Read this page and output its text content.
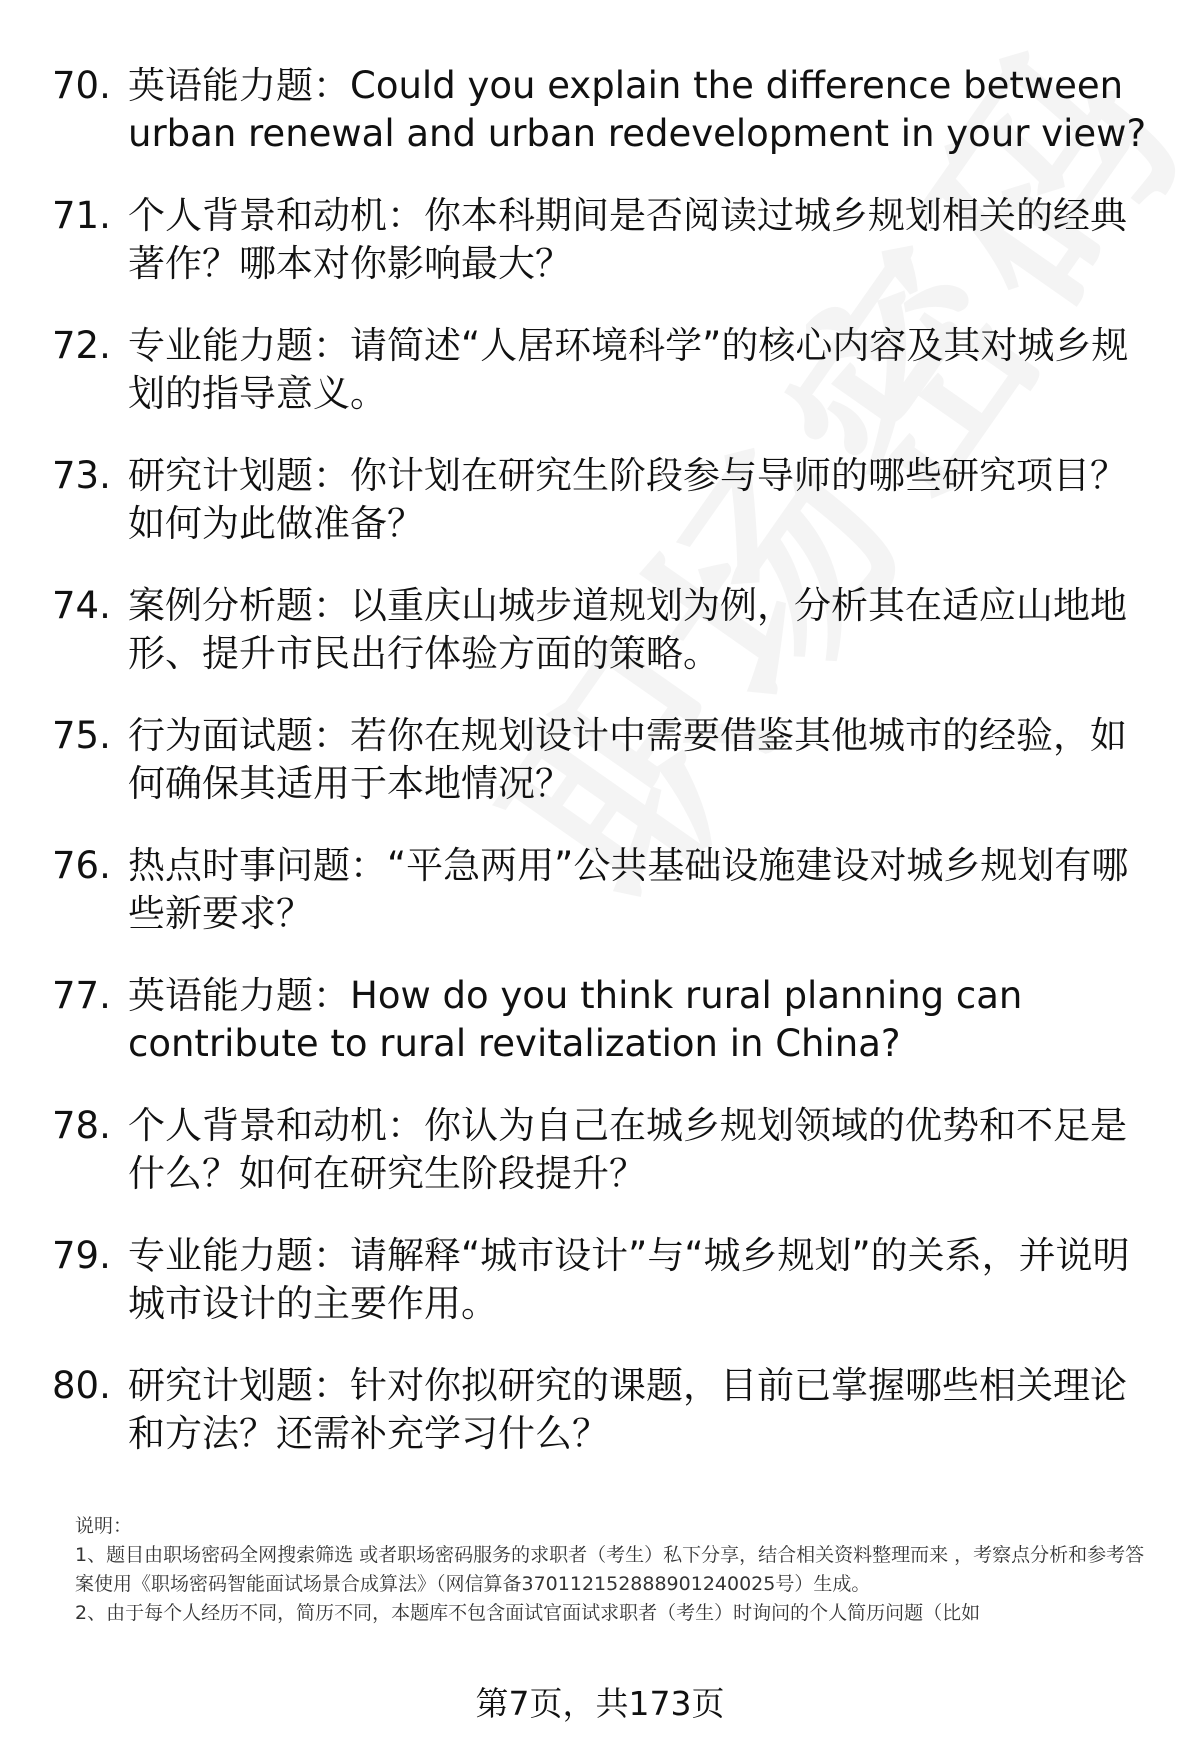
70. 英语能力题：Could you explain the difference between urban renewal and urban redevelopment in your view?
71. 个人背景和动机：你本科期间是否阅读过城乡规划相关的经典著作？哪本对你影响最大？
72. 专业能力题：请简述“人居环境科学”的核心内容及其对城乡规划的指导意义。
73. 研究计划题：你计划在研究生阶段参与导师的哪些研究项目？如何为此做准备？
74. 案例分析题：以重庆山城步道规划为例，分析其在适应山地地形、提升市民出行体验方面的策略。
75. 行为面试题：若你在规划设计中需要借鉴其他城市的经验，如何确保其适用于本地情况？
76. 热点时事问题：“平急两用”公共基础设施建设对城乡规划有哪些新要求？
77. 英语能力题：How do you think rural planning can contribute to rural revitalization in China?
78. 个人背景和动机：你认为自己在城乡规划领域的优势和不足是什么？如何在研究生阶段提升？
79. 专业能力题：请解释“城市设计”与“城乡规划”的关系，并说明城市设计的主要作用。
80. 研究计划题：针对你拟研究的课题，目前已掌握哪些相关理论和方法？还需补充学习什么？

说明：

1、题目由职场密码全网搜索筛选 或者职场密码服务的求职者（考生）私下分享，结合相关资料整理而来 ，考察点分析和参考答案使用《职场密码智能面试场景合成算法》（网信算备370112152888901240025号）生成。

2、由于每个人经历不同，简历不同，本题库不包含面试官面试求职者（考生）时询问的个人简历问题（比如

第7页，共173页
